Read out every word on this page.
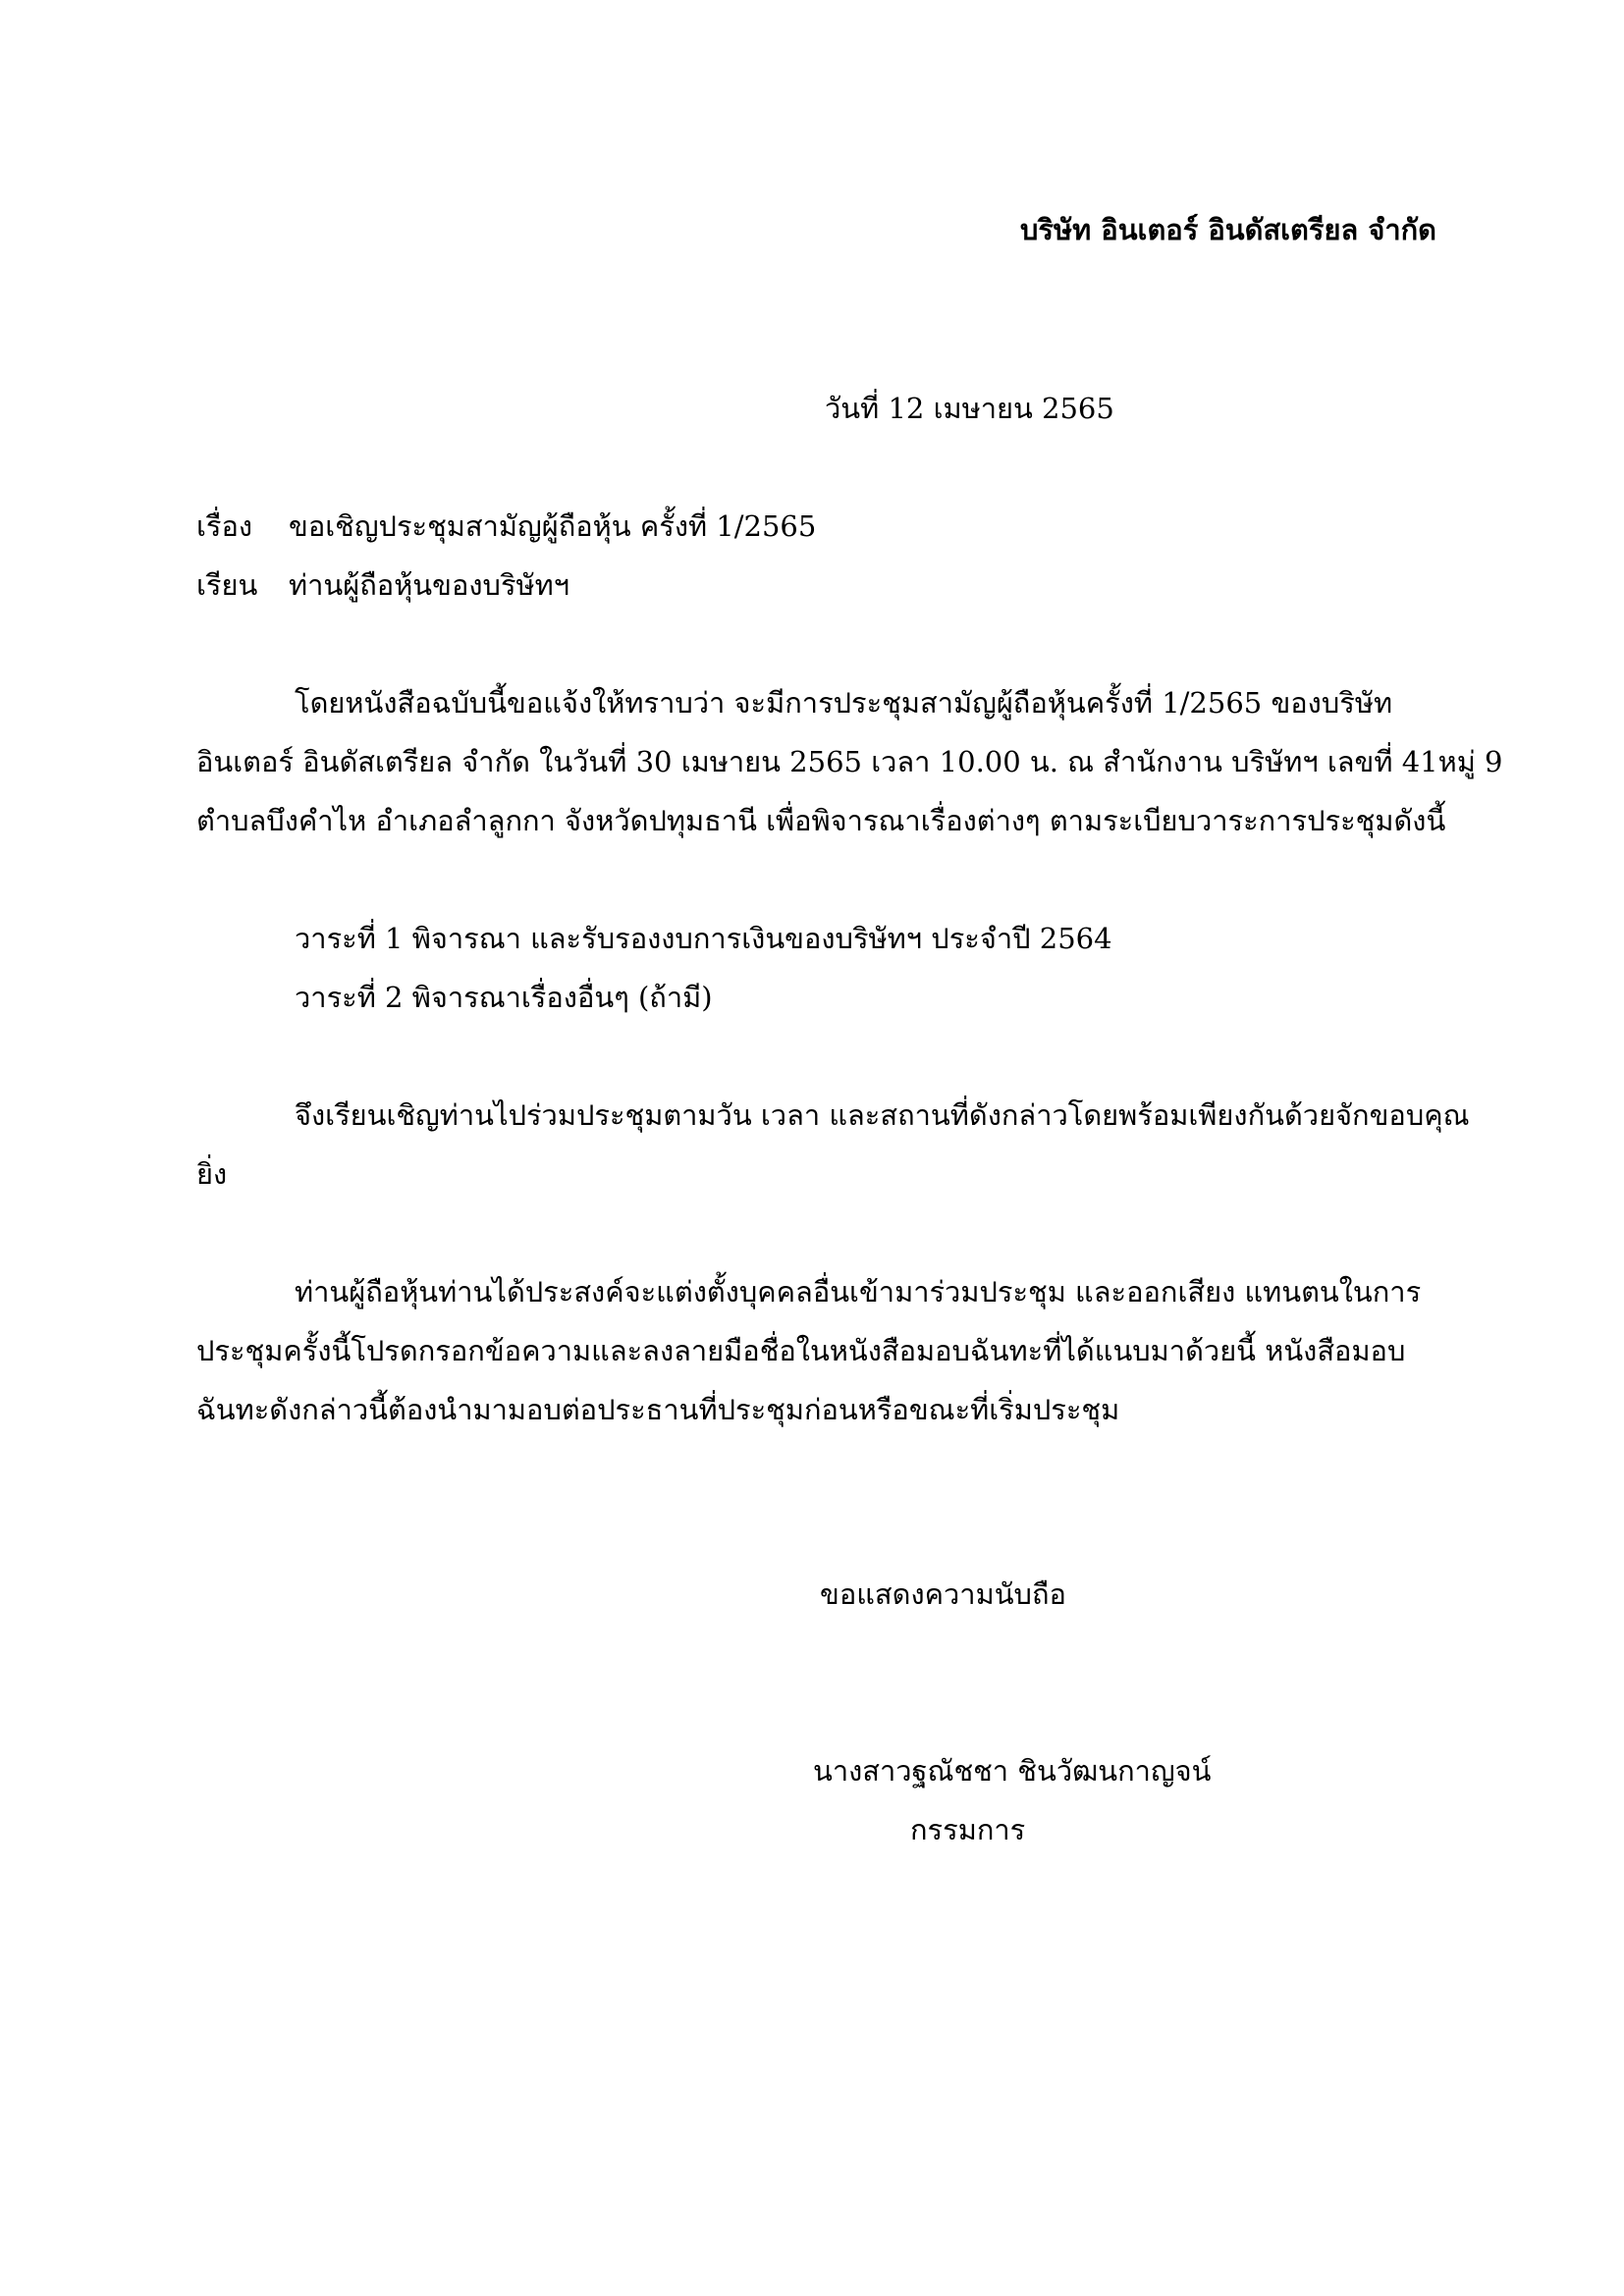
บริษัท อินเตอร์ อินดัสเตรียล จำกัด
วันที่ 12 เมษายน 2565
เรื่อง ขอเชิญประชุมสามัญผู้ถือหุ้น ครั้งที่ 1/2565
เรียน ท่านผู้ถือหุ้นของบริษัทฯ
โดยหนังสือฉบับนี้ขอแจ้งให้ทราบว่า จะมีการประชุมสามัญผู้ถือหุ้นครั้งที่ 1/2565 ของบริษัท
อินเตอร์ อินดัสเตรียล จำกัด ในวันที่ 30 เมษายน 2565 เวลา 10.00 น. ณ สำนักงาน บริษัทฯ เลขที่ 41หมู่ 9
ตำบลบึงคำไห อำเภอลำลูกกา จังหวัดปทุมธานี เพื่อพิจารณาเรื่องต่างๆ ตามระเบียบวาระการประชุมดังนี้
วาระที่ 1 พิจารณา และรับรองงบการเงินของบริษัทฯ ประจำปี 2564
วาระที่ 2 พิจารณาเรื่องอื่นๆ (ถ้ามี)
จึงเรียนเชิญท่านไปร่วมประชุมตามวัน เวลา และสถานที่ดังกล่าวโดยพร้อมเพียงกันด้วยจักขอบคุณ
ยิ่ง
ท่านผู้ถือหุ้นท่านได้ประสงค์จะแต่งตั้งบุคคลอื่นเข้ามาร่วมประชุม และออกเสียง แทนตนในการ
ประชุมครั้งนี้โปรดกรอกข้อความและลงลายมือชื่อในหนังสือมอบฉันทะที่ได้แนบมาด้วยนี้ หนังสือมอบ
ฉันทะดังกล่าวนี้ต้องนำมามอบต่อประธานที่ประชุมก่อนหรือขณะที่เริ่มประชุม
ขอแสดงความนับถือ
นางสาวฐณัชชา ชินวัฒนกาญจน์
กรรมการ
